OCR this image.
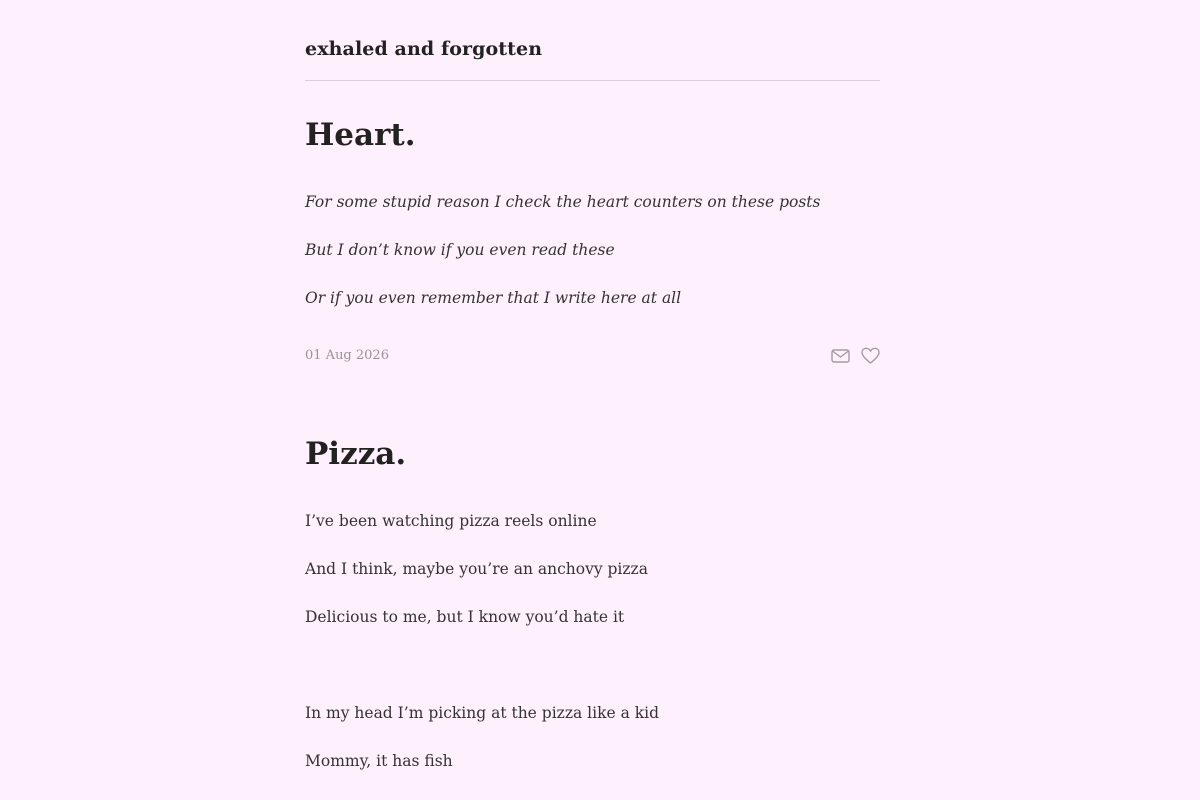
exhaled and forgotten
Heart.

For some stupid reason I check the heart counters on these posts

But I don’t know if you even read these

Or if you even remember that I write here at all

01 Aug 2026
Pizza.

I’ve been watching pizza reels online

And I think, maybe you’re an anchovy pizza

Delicious to me, but I know you’d hate it

In my head I’m picking at the pizza like a kid

Mommy, it has fish
